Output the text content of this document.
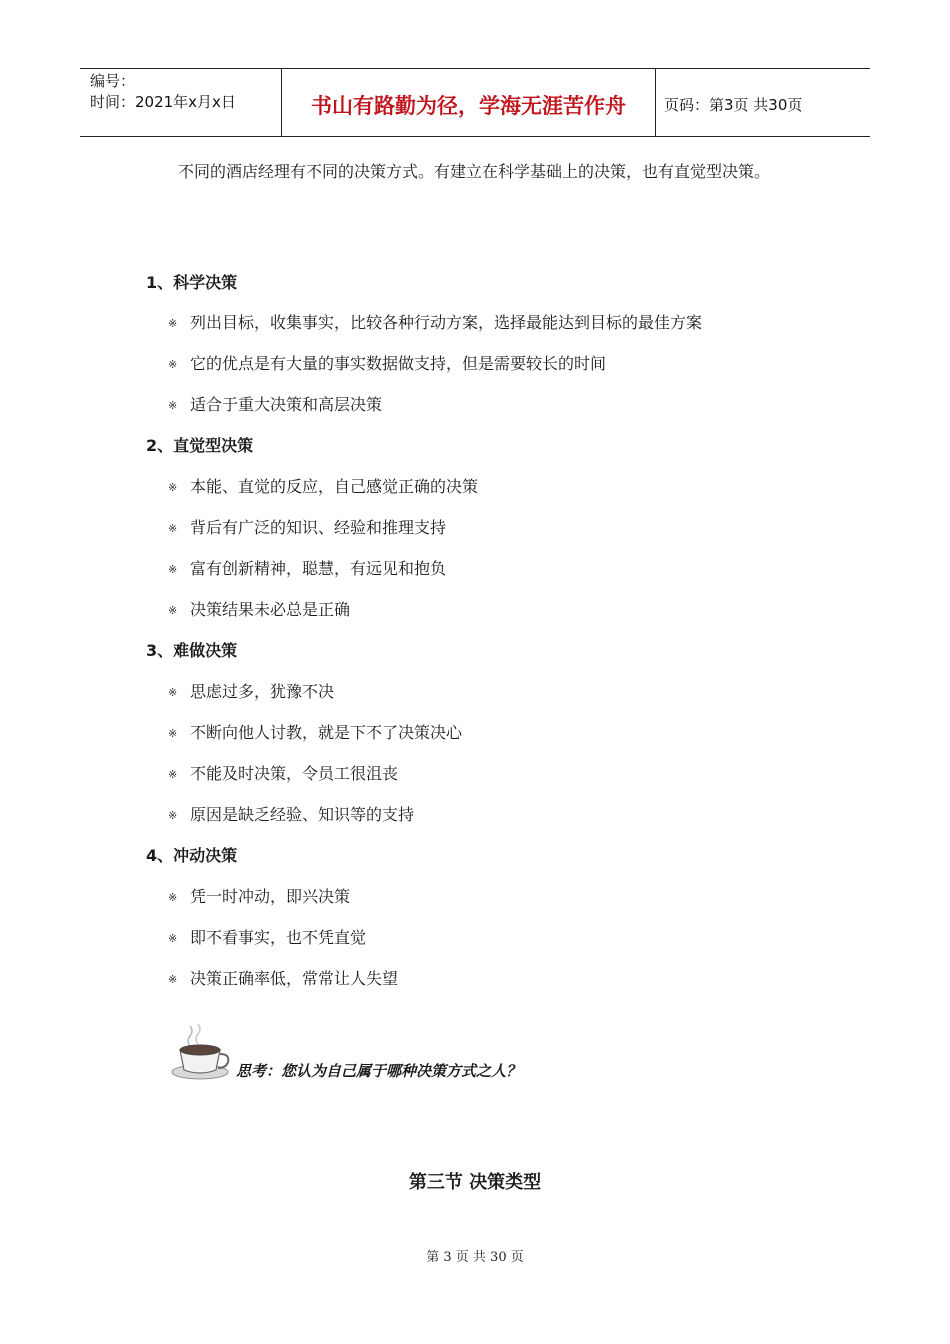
编号：
时间：2021年x月x日	书山有路勤为径，学海无涯苦作舟	页码：第3页 共30页

不同的酒店经理有不同的决策方式。有建立在科学基础上的决策，也有直觉型决策。

1、科学决策
※ 列出目标，收集事实，比较各种行动方案，选择最能达到目标的最佳方案
※ 它的优点是有大量的事实数据做支持，但是需要较长的时间
※ 适合于重大决策和高层决策
2、直觉型决策
※ 本能、直觉的反应，自己感觉正确的决策
※ 背后有广泛的知识、经验和推理支持
※ 富有创新精神，聪慧，有远见和抱负
※ 决策结果未必总是正确
3、难做决策
※ 思虑过多，犹豫不决
※ 不断向他人讨教，就是下不了决策决心
※ 不能及时决策，令员工很沮丧
※ 原因是缺乏经验、知识等的支持
4、冲动决策
※ 凭一时冲动，即兴决策
※ 即不看事实，也不凭直觉
※ 决策正确率低，常常让人失望
思考：您认为自己属于哪种决策方式之人？
第三节 决策类型
第 3 页 共 30 页
